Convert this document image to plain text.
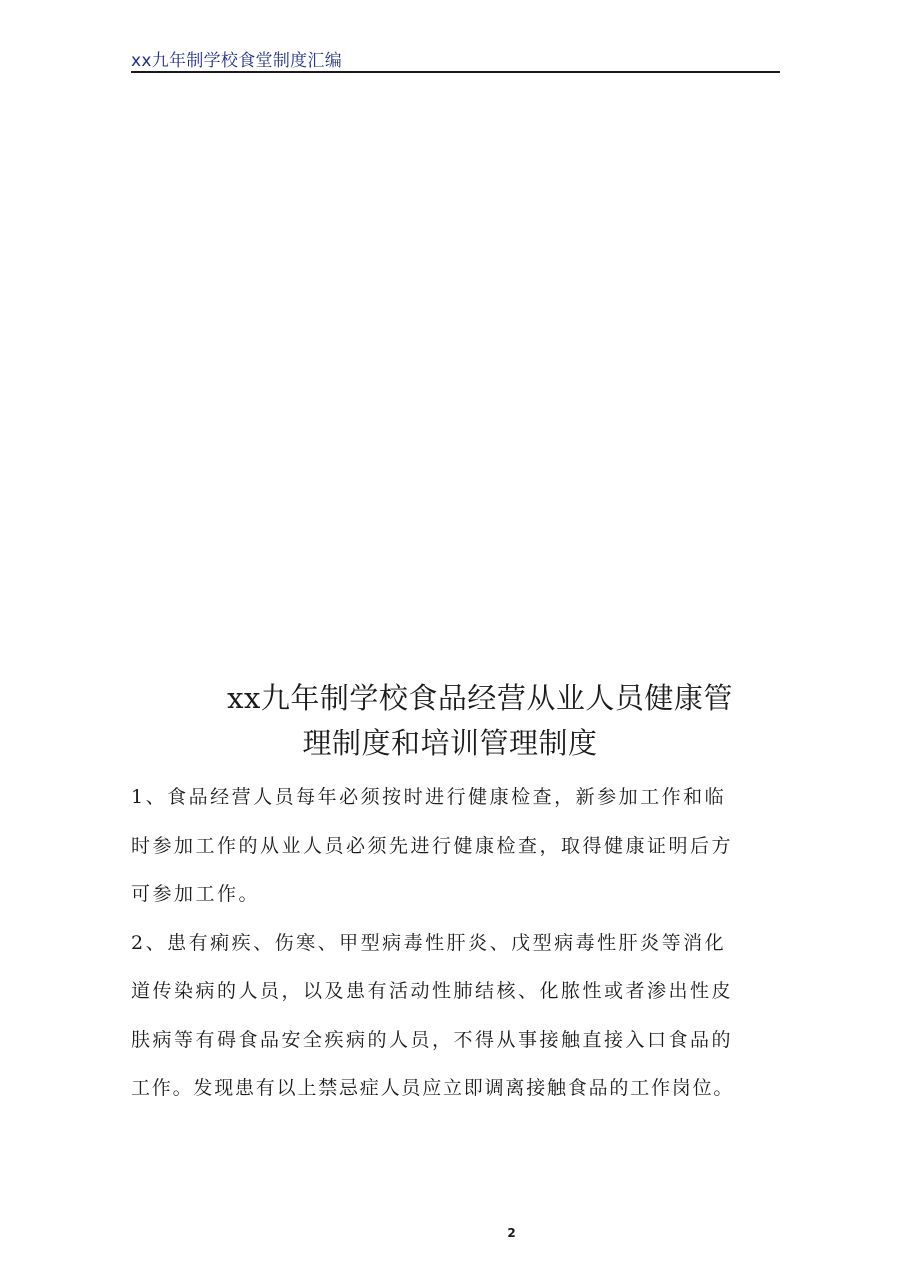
xx九年制学校食堂制度汇编
xx九年制学校食品经营从业人员健康管
理制度和培训管理制度
1、食品经营人员每年必须按时进行健康检查，新参加工作和临
时参加工作的从业人员必须先进行健康检查，取得健康证明后方
可参加工作。
2、患有痢疾、伤寒、甲型病毒性肝炎、戊型病毒性肝炎等消化
道传染病的人员，以及患有活动性肺结核、化脓性或者渗出性皮
肤病等有碍食品安全疾病的人员，不得从事接触直接入口食品的
工作。发现患有以上禁忌症人员应立即调离接触食品的工作岗位。
2
